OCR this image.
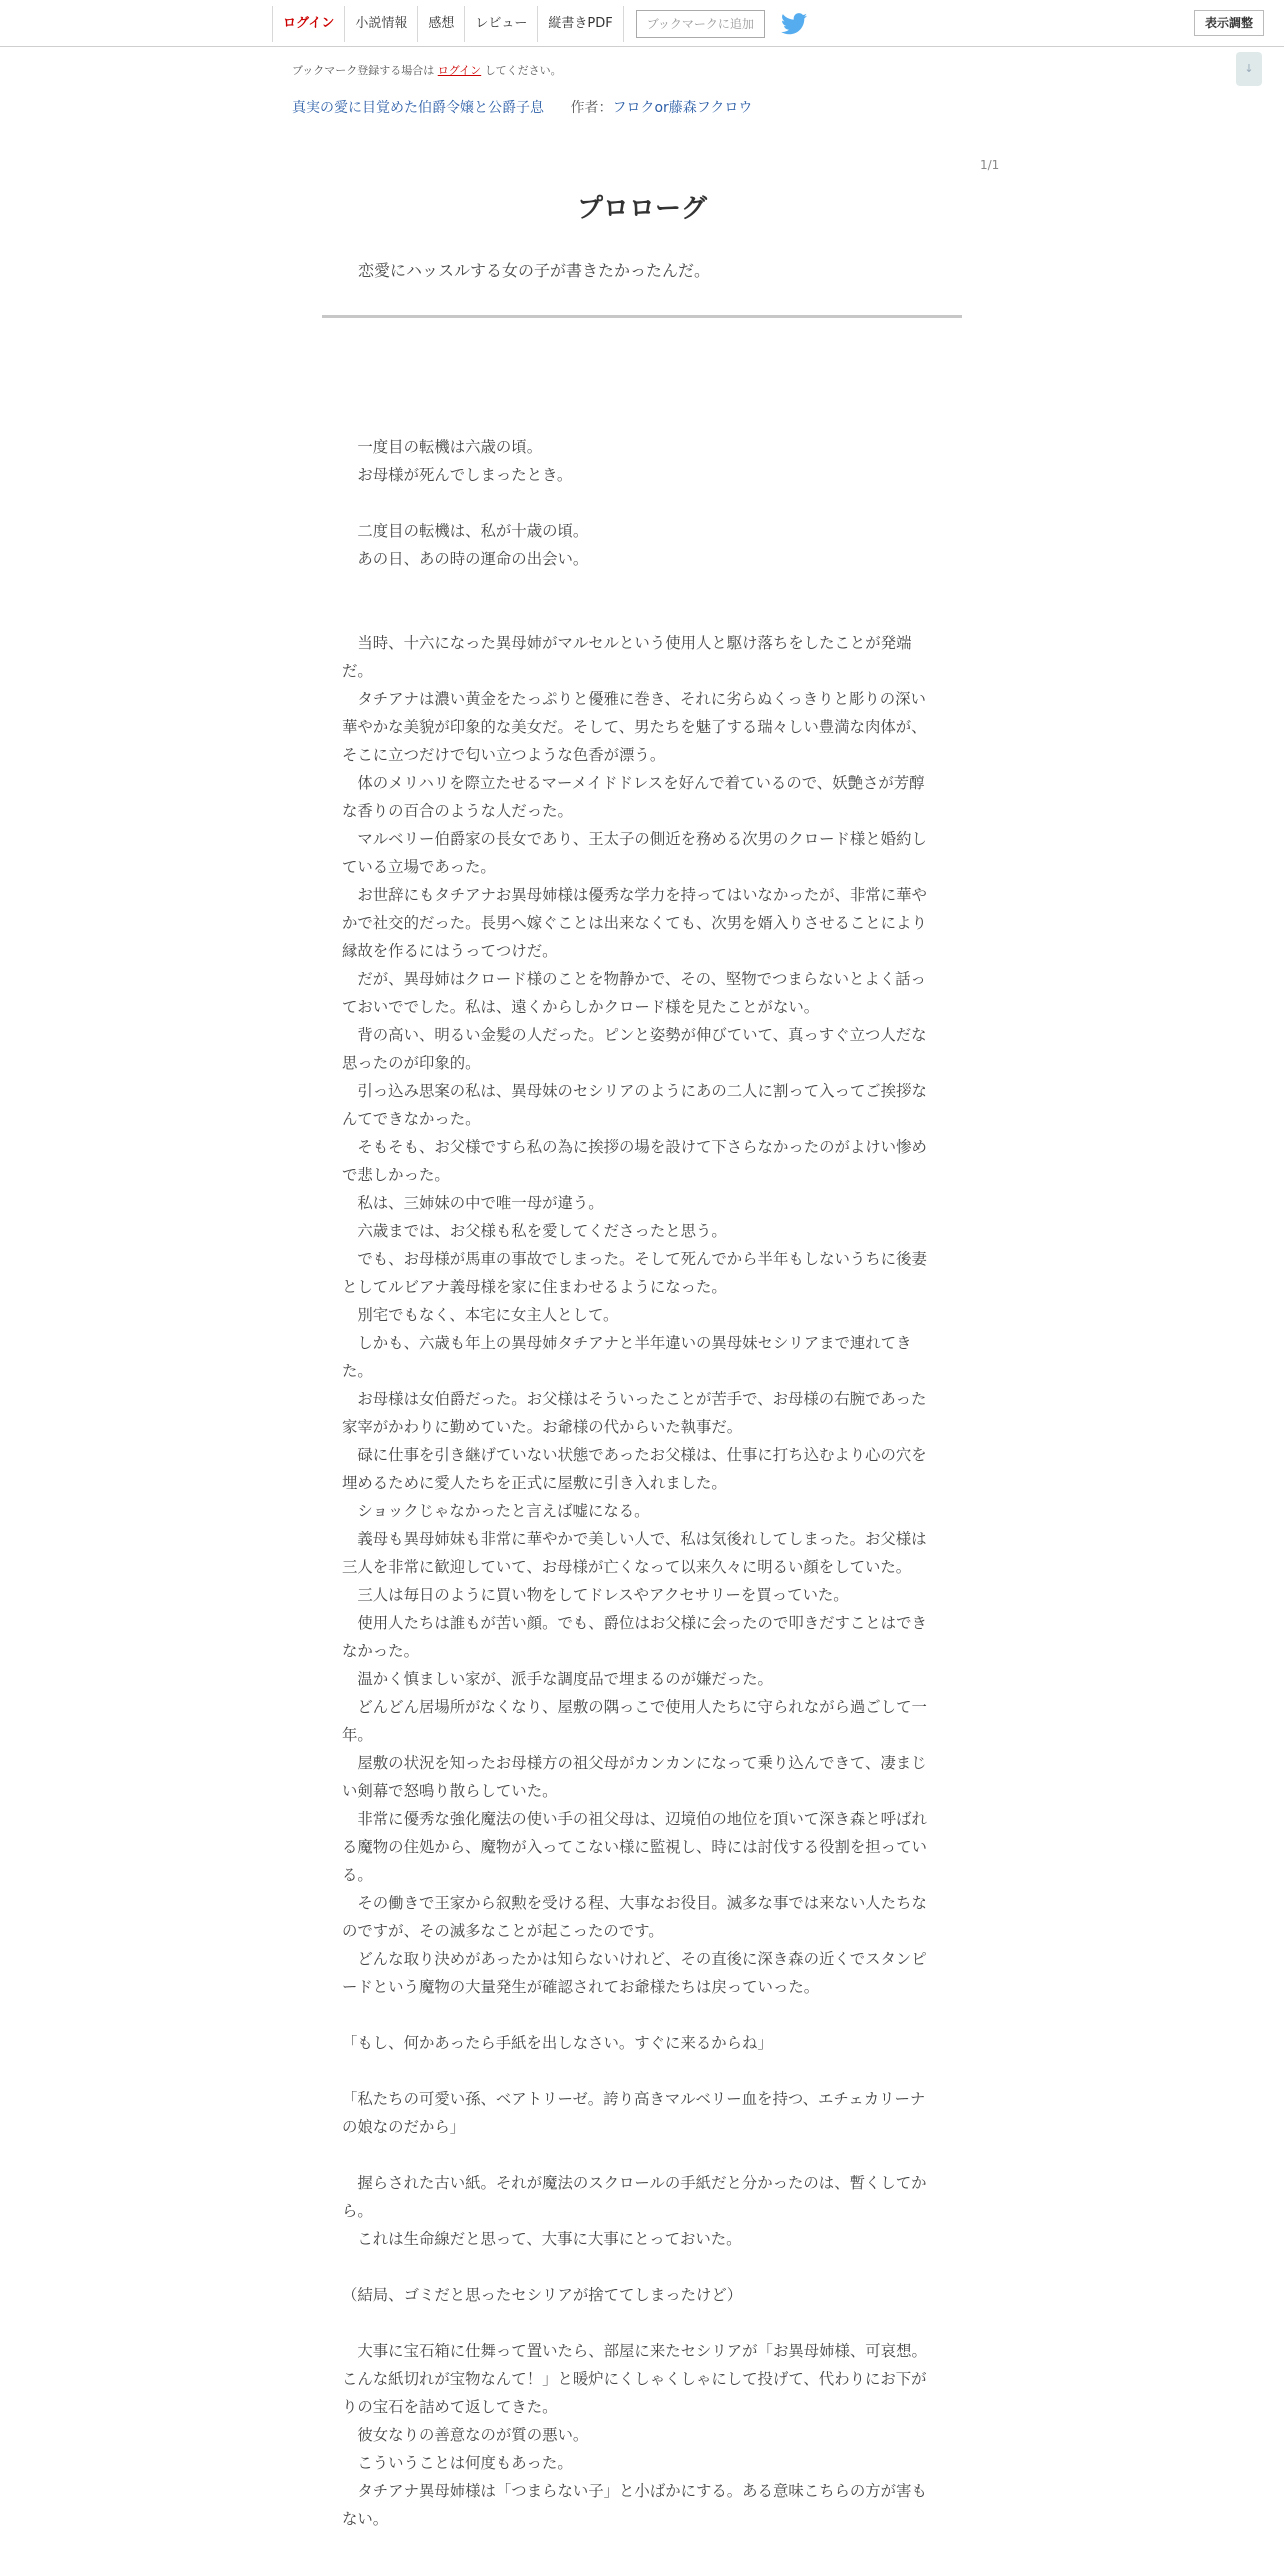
ログイン	小説情報	感想	レビュー	縦書きPDF	ブックマークに追加	表示調整
↓
ブックマーク登録する場合は ログイン してください。
真実の愛に目覚めた伯爵令嬢と公爵子息 作者：フロクor藤森フクロウ
1/1
プロローグ
恋愛にハッスルする女の子が書きたかったんだ。

　一度目の転機は六歳の頃。

　お母様が死んでしまったとき。

　二度目の転機は、私が十歳の頃。

　あの日、あの時の運命の出会い。

　当時、十六になった異母姉がマルセルという使用人と駆け落ちをしたことが発端だ。

　タチアナは濃い黄金をたっぷりと優雅に巻き、それに劣らぬくっきりと彫りの深い華やかな美貌が印象的な美女だ。そして、男たちを魅了する瑞々しい豊満な肉体が、そこに立つだけで匂い立つような色香が漂う。

　体のメリハリを際立たせるマーメイドドレスを好んで着ているので、妖艶さが芳醇な香りの百合のような人だった。

　マルベリー伯爵家の長女であり、王太子の側近を務める次男のクロード様と婚約している立場であった。

　お世辞にもタチアナお異母姉様は優秀な学力を持ってはいなかったが、非常に華やかで社交的だった。長男へ嫁ぐことは出来なくても、次男を婿入りさせることにより縁故を作るにはうってつけだ。

　だが、異母姉はクロード様のことを物静かで、その、堅物でつまらないとよく話っておいででした。私は、遠くからしかクロード様を見たことがない。

　背の高い、明るい金髪の人だった。ピンと姿勢が伸びていて、真っすぐ立つ人だな思ったのが印象的。

　引っ込み思案の私は、異母妹のセシリアのようにあの二人に割って入ってご挨拶なんてできなかった。

　そもそも、お父様ですら私の為に挨拶の場を設けて下さらなかったのがよけい惨めで悲しかった。

　私は、三姉妹の中で唯一母が違う。

　六歳までは、お父様も私を愛してくださったと思う。

　でも、お母様が馬車の事故でしまった。そして死んでから半年もしないうちに後妻としてルビアナ義母様を家に住まわせるようになった。

　別宅でもなく、本宅に女主人として。

　しかも、六歳も年上の異母姉タチアナと半年違いの異母妹セシリアまで連れてきた。

　お母様は女伯爵だった。お父様はそういったことが苦手で、お母様の右腕であった家宰がかわりに勤めていた。お爺様の代からいた執事だ。

　碌に仕事を引き継げていない状態であったお父様は、仕事に打ち込むより心の穴を埋めるために愛人たちを正式に屋敷に引き入れました。

　ショックじゃなかったと言えば嘘になる。

　義母も異母姉妹も非常に華やかで美しい人で、私は気後れしてしまった。お父様は三人を非常に歓迎していて、お母様が亡くなって以来久々に明るい顔をしていた。

　三人は毎日のように買い物をしてドレスやアクセサリーを買っていた。

　使用人たちは誰もが苦い顔。でも、爵位はお父様に会ったので叩きだすことはできなかった。

　温かく慎ましい家が、派手な調度品で埋まるのが嫌だった。

　どんどん居場所がなくなり、屋敷の隅っこで使用人たちに守られながら過ごして一年。

　屋敷の状況を知ったお母様方の祖父母がカンカンになって乗り込んできて、凄まじい剣幕で怒鳴り散らしていた。

　非常に優秀な強化魔法の使い手の祖父母は、辺境伯の地位を頂いて深き森と呼ばれる魔物の住処から、魔物が入ってこない様に監視し、時には討伐する役割を担っている。

　その働きで王家から叙勲を受ける程、大事なお役目。滅多な事では来ない人たちなのですが、その滅多なことが起こったのです。

　どんな取り決めがあったかは知らないけれど、その直後に深き森の近くでスタンピードという魔物の大量発生が確認されてお爺様たちは戻っていった。

「もし、何かあったら手紙を出しなさい。すぐに来るからね」

「私たちの可愛い孫、ベアトリーゼ。誇り高きマルベリー血を持つ、エチェカリーナの娘なのだから」

　握らされた古い紙。それが魔法のスクロールの手紙だと分かったのは、暫くしてから。

　これは生命線だと思って、大事に大事にとっておいた。

（結局、ゴミだと思ったセシリアが捨ててしまったけど）

　大事に宝石箱に仕舞って置いたら、部屋に来たセシリアが「お異母姉様、可哀想。こんな紙切れが宝物なんて！」と暖炉にくしゃくしゃにして投げて、代わりにお下がりの宝石を詰めて返してきた。

　彼女なりの善意なのが質の悪い。

　こういうことは何度もあった。

　タチアナ異母姉様は「つまらない子」と小ばかにする。ある意味こちらの方が害もない。
